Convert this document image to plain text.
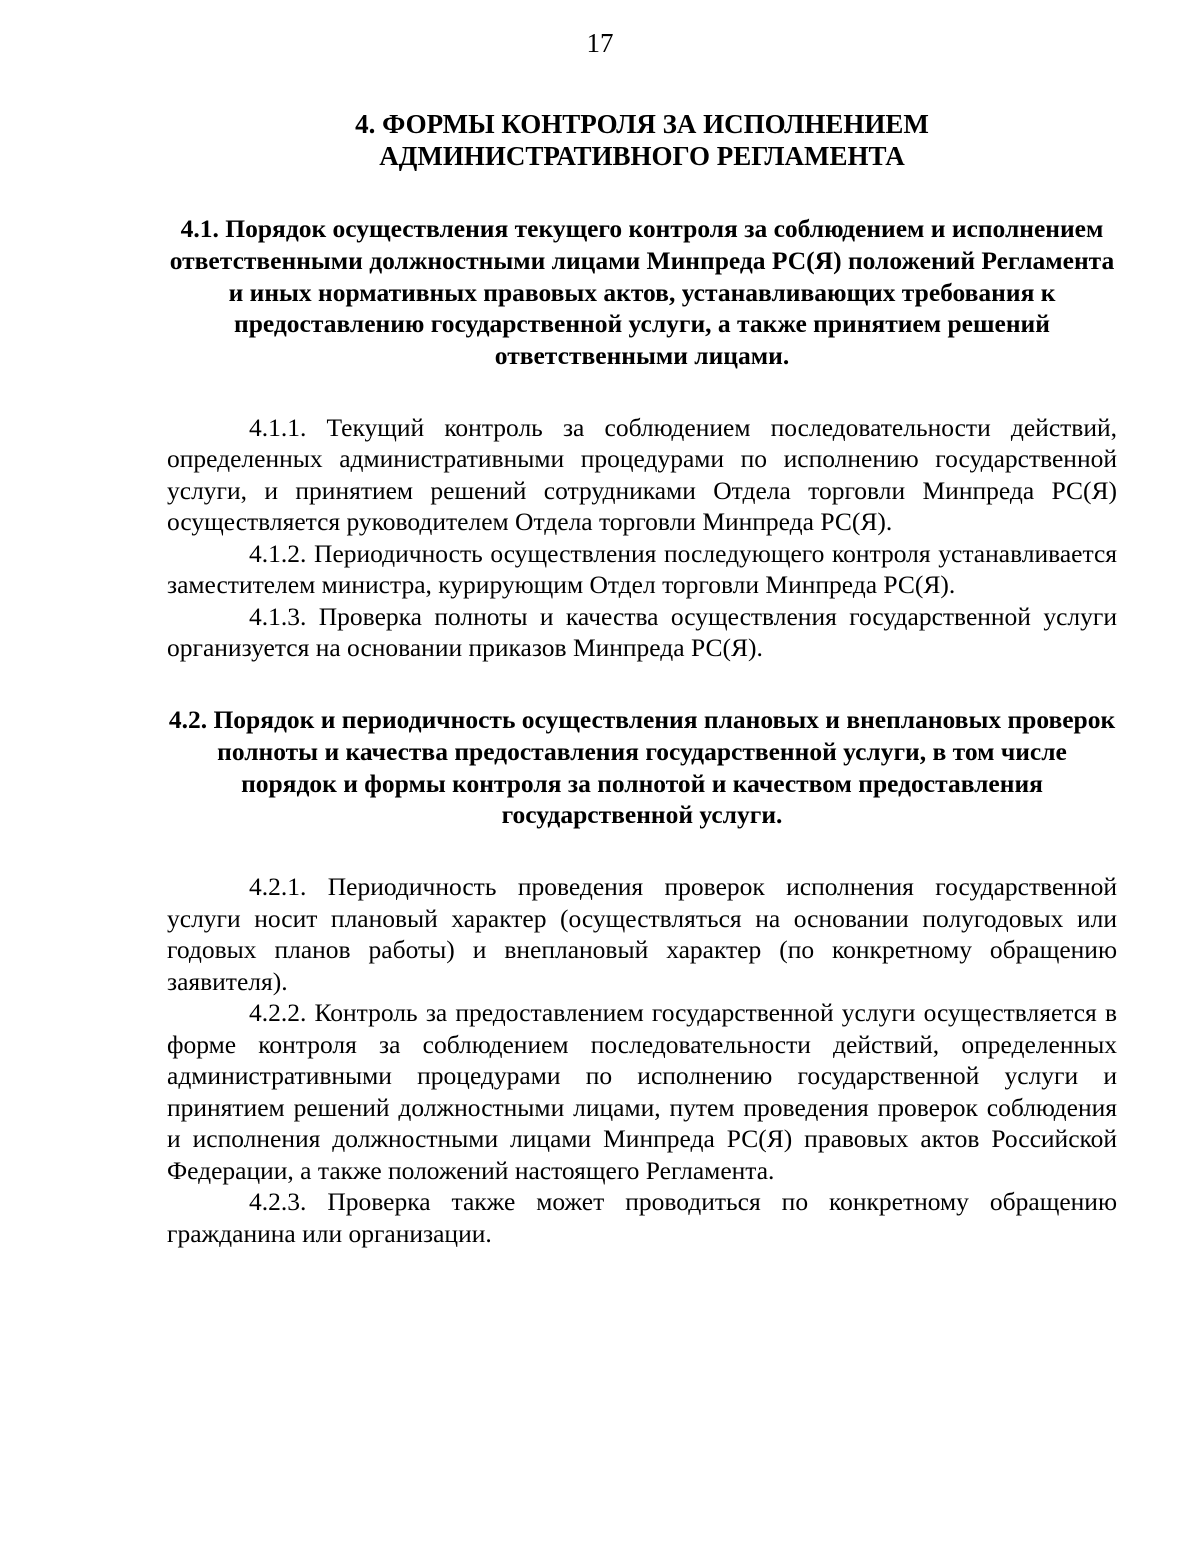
17
4. ФОРМЫ КОНТРОЛЯ ЗА ИСПОЛНЕНИЕМ АДМИНИСТРАТИВНОГО РЕГЛАМЕНТА
4.1. Порядок осуществления текущего контроля за соблюдением и исполнением ответственными должностными лицами Минпреда РС(Я) положений Регламента и иных нормативных правовых актов, устанавливающих требования к предоставлению государственной услуги, а также принятием решений ответственными лицами.

4.1.1. Текущий контроль за соблюдением последовательности действий, определенных административными процедурами по исполнению государственной услуги, и принятием решений сотрудниками Отдела торговли Минпреда РС(Я) осуществляется руководителем Отдела торговли Минпреда РС(Я).

4.1.2. Периодичность осуществления последующего контроля устанавливается заместителем министра, курирующим Отдел торговли Минпреда РС(Я).

4.1.3. Проверка полноты и качества осуществления государственной услуги организуется на основании приказов Минпреда РС(Я).

4.2. Порядок и периодичность осуществления плановых и внеплановых проверок полноты и качества предоставления государственной услуги, в том числе порядок и формы контроля за полнотой и качеством предоставления государственной услуги.

4.2.1. Периодичность проведения проверок исполнения государственной услуги носит плановый характер (осуществляться на основании полугодовых или годовых планов работы) и внеплановый характер (по конкретному обращению заявителя).

4.2.2. Контроль за предоставлением государственной услуги осуществляется в форме контроля за соблюдением последовательности действий, определенных административными процедурами по исполнению государственной услуги и принятием решений должностными лицами, путем проведения проверок соблюдения и исполнения должностными лицами Минпреда РС(Я) правовых актов Российской Федерации, а также положений настоящего Регламента.

4.2.3. Проверка также может проводиться по конкретному обращению гражданина или организации.
